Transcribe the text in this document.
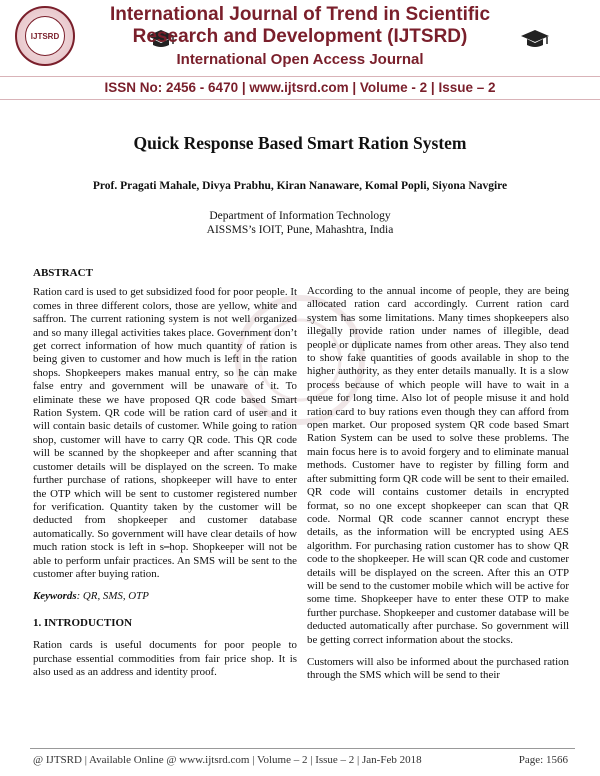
IJTSRD
International Journal of Trend in Scientific Research and Development (IJTSRD)
International Open Access Journal
ISSN No: 2456 - 6470 | www.ijtsrd.com | Volume - 2 | Issue – 2
Quick Response Based Smart Ration System
Prof. Pragati Mahale, Divya Prabhu, Kiran Nanaware, Komal Popli, Siyona Navgire
Department of Information Technology
AISSMS’s IOIT, Pune, Mahashtra, India

ABSTRACT

Ration card is used to get subsidized food for poor people. It comes in three different colors, those are yellow, white and saffron. The current rationing system is not well organized and so many illegal activities takes place. Government don’t get correct information of how much quantity of ration is being given to customer and how much is left in the ration shops. Shopkeepers makes manual entry, so he can make false entry and government will be unaware of it. To eliminate these we have proposed QR code based Smart Ration System. QR code will be ration card of user and it will contain basic details of customer. While going to ration shop, customer will have to carry QR code. This QR code will be scanned by the shopkeeper and after scanning that customer details will be displayed on the screen. To make further purchase of rations, shopkeeper will have to enter the OTP which will be sent to customer registered number for verification. Quantity taken by the customer will be deducted from shopkeeper and customer database automatically. So government will have clear details of how much ration stock is left in s⎯hop. Shopkeeper will not be able to perform unfair practices. An SMS will be sent to the customer after buying ration.

Keywords: QR, SMS, OTP

1. INTRODUCTION

Ration cards is useful documents for poor people to purchase essential commodities from fair price shop. It is also used as an address and identity proof.

According to the annual income of people, they are being allocated ration card accordingly. Current ration card system has some limitations. Many times shopkeepers also illegally provide ration under names of illegible, dead people or duplicate names from other areas. They also tend to show fake quantities of goods available in shop to the higher authority, as they enter details manually. It is a slow process because of which people will have to wait in a queue for long time. Also lot of people misuse it and hold ration card to buy rations even though they can afford from open market. Our proposed system QR code based Smart Ration System can be used to solve these problems. The main focus here is to avoid forgery and to eliminate manual methods. Customer have to register by filling form and after submitting form QR code will be sent to their emailed. QR code will contains customer details in encrypted format, so no one except shopkeeper can scan that QR code. Normal QR code scanner cannot encrypt these details, as the information will be encrypted using AES algorithm. For purchasing ration customer has to show QR code to the shopkeeper. He will scan QR code and customer details will be displayed on the screen. After this an OTP will be send to the customer mobile which will be active for some time. Shopkeeper have to enter these OTP to make further purchase. Shopkeeper and customer database will be deducted automatically after purchase. So government will be getting correct information about the stocks.

Customers will also be informed about the purchased ration through the SMS which will be send to their

@ IJTSRD | Available Online @ www.ijtsrd.com | Volume – 2 | Issue – 2 | Jan-Feb 2018	Page: 1566
